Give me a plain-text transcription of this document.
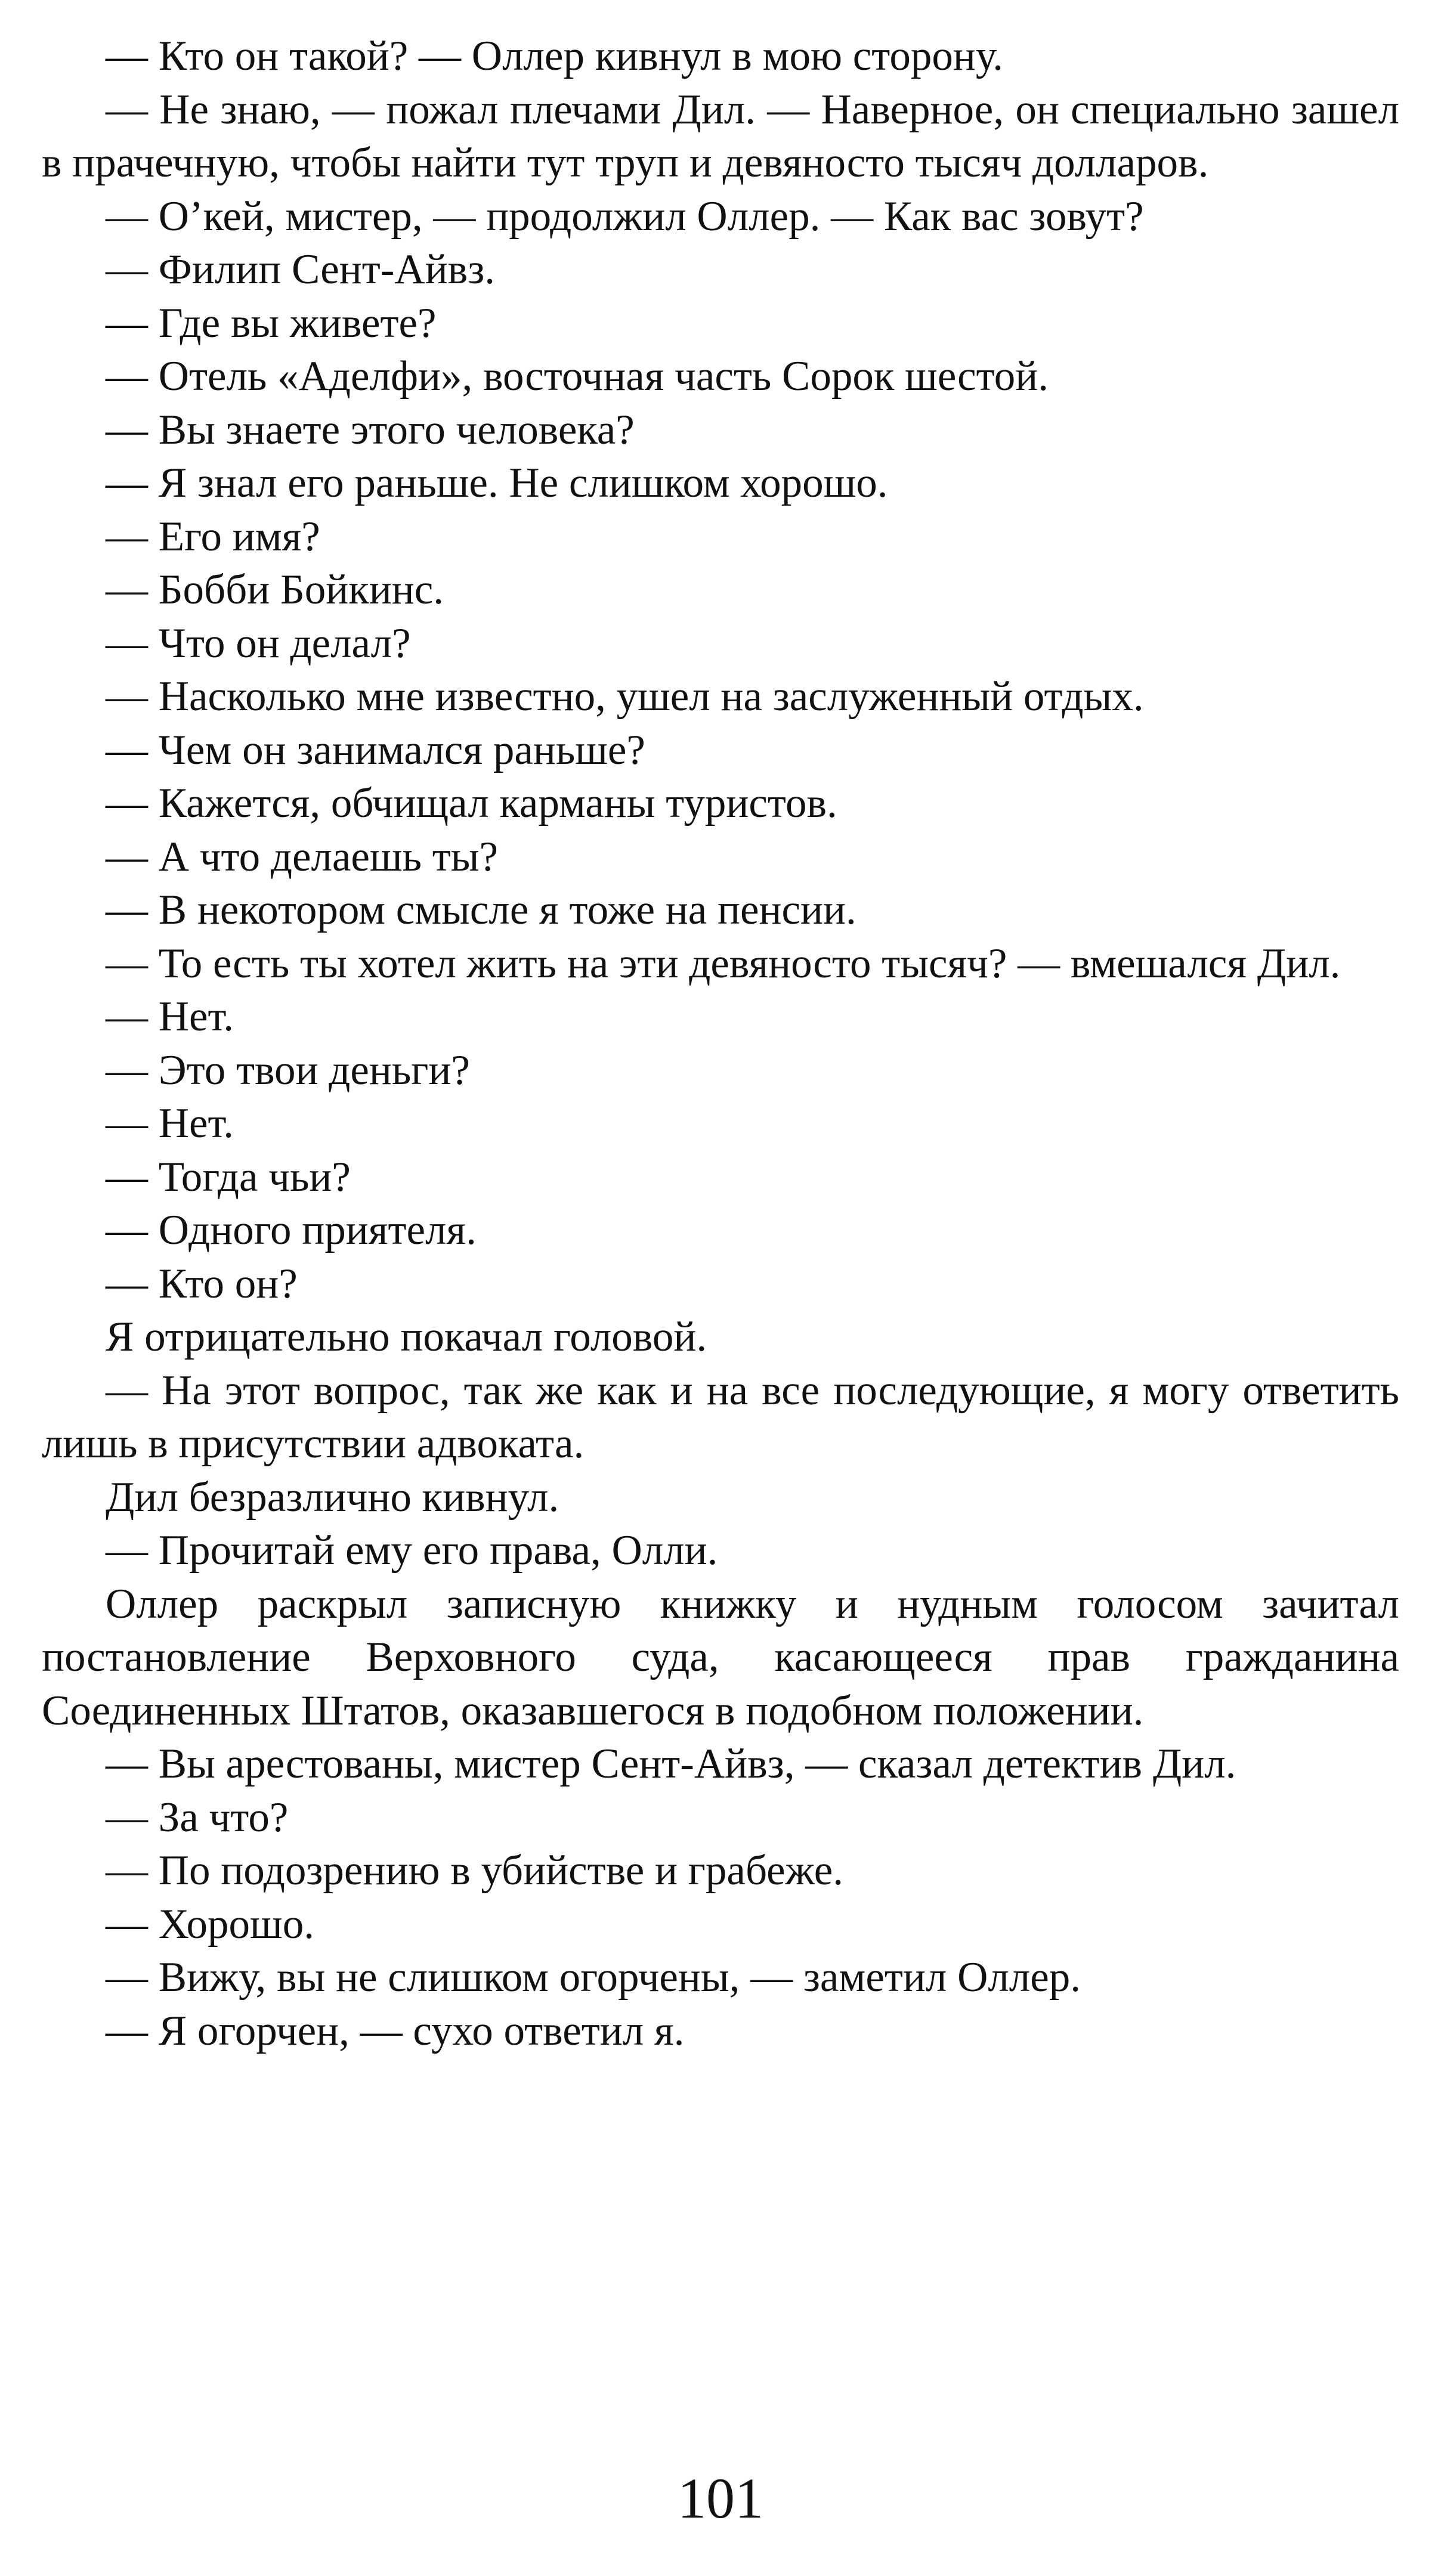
— Кто он такой? — Оллер кивнул в мою сторону.

— Не знаю, — пожал плечами Дил. — Наверное, он специально зашел в прачечную, чтобы найти тут труп и девяносто тысяч долларов.

— О’кей, мистер, — продолжил Оллер. — Как вас зовут?

— Филип Сент-Айвз.

— Где вы живете?

— Отель «Аделфи», восточная часть Сорок шестой.

— Вы знаете этого человека?

— Я знал его раньше. Не слишком хорошо.

— Его имя?

— Бобби Бойкинс.

— Что он делал?

— Насколько мне известно, ушел на заслуженный отдых.

— Чем он занимался раньше?

— Кажется, обчищал карманы туристов.

— А что делаешь ты?

— В некотором смысле я тоже на пенсии.

— То есть ты хотел жить на эти девяносто тысяч? — вмешался Дил.

— Нет.

— Это твои деньги?

— Нет.

— Тогда чьи?

— Одного приятеля.

— Кто он?

Я отрицательно покачал головой.

— На этот вопрос, так же как и на все последующие, я могу ответить лишь в присутствии адвоката.

Дил безразлично кивнул.

— Прочитай ему его права, Олли.

Оллер раскрыл записную книжку и нудным голосом зачитал постановление Верховного суда, касающееся прав гражданина Соединенных Штатов, оказавшегося в подобном положении.

— Вы арестованы, мистер Сент-Айвз, — сказал детектив Дил.

— За что?

— По подозрению в убийстве и грабеже.

— Хорошо.

— Вижу, вы не слишком огорчены, — заметил Оллер.

— Я огорчен, — сухо ответил я.

101
